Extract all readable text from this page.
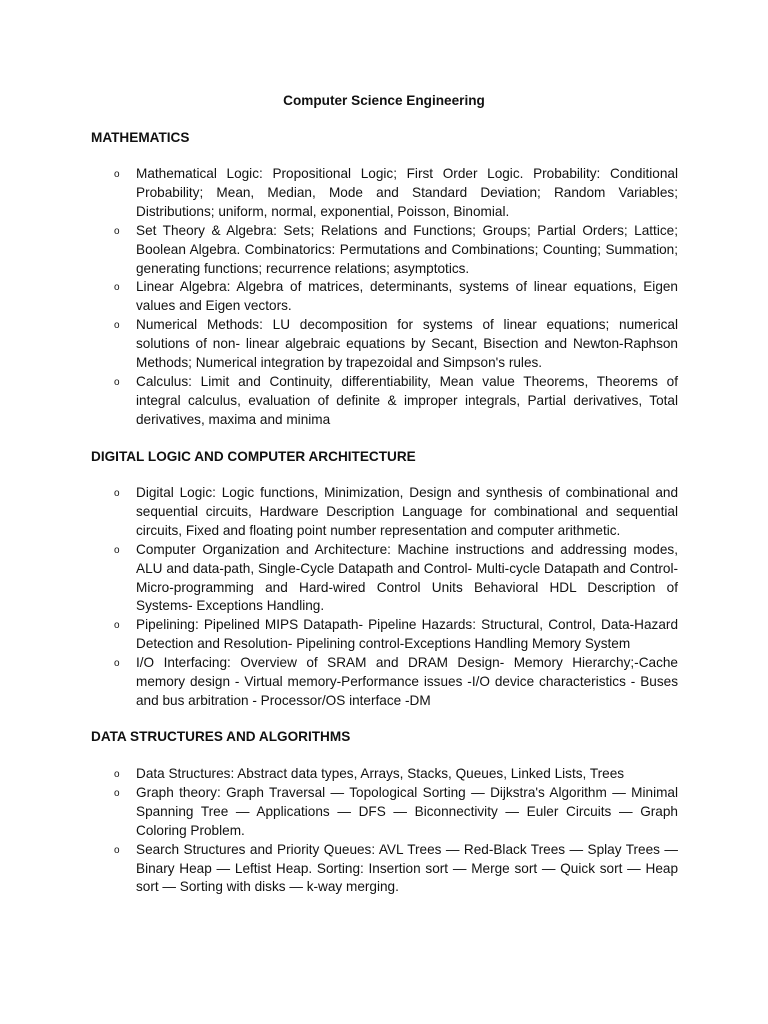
Computer Science Engineering
MATHEMATICS
o Mathematical Logic: Propositional Logic; First Order Logic. Probability: Conditional Probability; Mean, Median, Mode and Standard Deviation; Random Variables; Distributions; uniform, normal, exponential, Poisson, Binomial.
o Set Theory & Algebra: Sets; Relations and Functions; Groups; Partial Orders; Lattice; Boolean Algebra. Combinatorics: Permutations and Combinations; Counting; Summation; generating functions; recurrence relations; asymptotics.
o Linear Algebra: Algebra of matrices, determinants, systems of linear equations, Eigen values and Eigen vectors.
o Numerical Methods: LU decomposition for systems of linear equations; numerical solutions of non- linear algebraic equations by Secant, Bisection and Newton-Raphson Methods; Numerical integration by trapezoidal and Simpson's rules.
o Calculus: Limit and Continuity, differentiability, Mean value Theorems, Theorems of integral calculus, evaluation of definite & improper integrals, Partial derivatives, Total derivatives, maxima and minima
DIGITAL LOGIC AND COMPUTER ARCHITECTURE
o Digital Logic: Logic functions, Minimization, Design and synthesis of combinational and sequential circuits, Hardware Description Language for combinational and sequential circuits, Fixed and floating point number representation and computer arithmetic.
o Computer Organization and Architecture: Machine instructions and addressing modes, ALU and data-path, Single-Cycle Datapath and Control- Multi-cycle Datapath and Control- Micro-programming and Hard-wired Control Units Behavioral HDL Description of Systems- Exceptions Handling.
o Pipelining: Pipelined MIPS Datapath- Pipeline Hazards: Structural, Control, Data-Hazard Detection and Resolution- Pipelining control-Exceptions Handling Memory System
o I/O Interfacing: Overview of SRAM and DRAM Design- Memory Hierarchy;-Cache memory design - Virtual memory-Performance issues -I/O device characteristics - Buses and bus arbitration - Processor/OS interface -DM
DATA STRUCTURES AND ALGORITHMS
o Data Structures: Abstract data types, Arrays, Stacks, Queues, Linked Lists, Trees
o Graph theory: Graph Traversal — Topological Sorting — Dijkstra's Algorithm — Minimal Spanning Tree — Applications — DFS — Biconnectivity — Euler Circuits — Graph Coloring Problem.
o Search Structures and Priority Queues: AVL Trees — Red-Black Trees — Splay Trees — Binary Heap — Leftist Heap. Sorting: Insertion sort — Merge sort — Quick sort — Heap sort — Sorting with disks — k-way merging.
